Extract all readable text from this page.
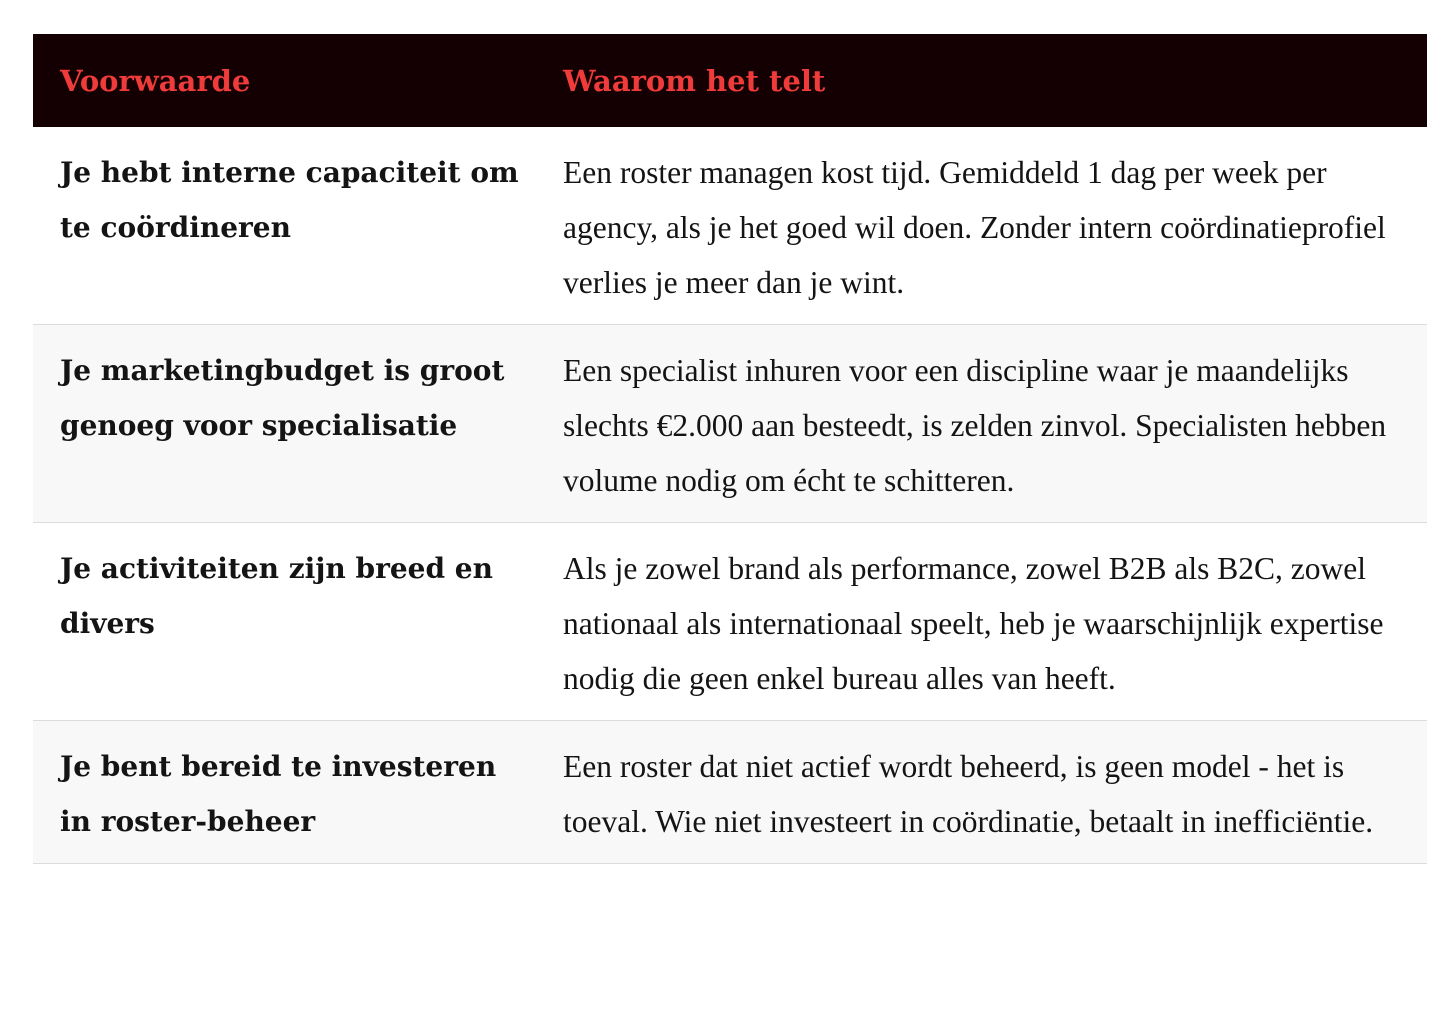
Voorwaarde	Waarom het telt
Je hebt interne capaciteit om te coördineren	Een roster managen kost tijd. Gemiddeld 1 dag per week per agency, als je het goed wil doen. Zonder intern coördinatieprofiel verlies je meer dan je wint.
Je marketingbudget is groot genoeg voor specialisatie	Een specialist inhuren voor een discipline waar je maandelijks slechts €2.000 aan besteedt, is zelden zinvol. Specialisten hebben volume nodig om écht te schitteren.
Je activiteiten zijn breed en divers	Als je zowel brand als performance, zowel B2B als B2C, zowel nationaal als internationaal speelt, heb je waarschijnlijk expertise nodig die geen enkel bureau alles van heeft.
Je bent bereid te investeren in roster-beheer	Een roster dat niet actief wordt beheerd, is geen model - het is toeval. Wie niet investeert in coördinatie, betaalt in inefficiëntie.
